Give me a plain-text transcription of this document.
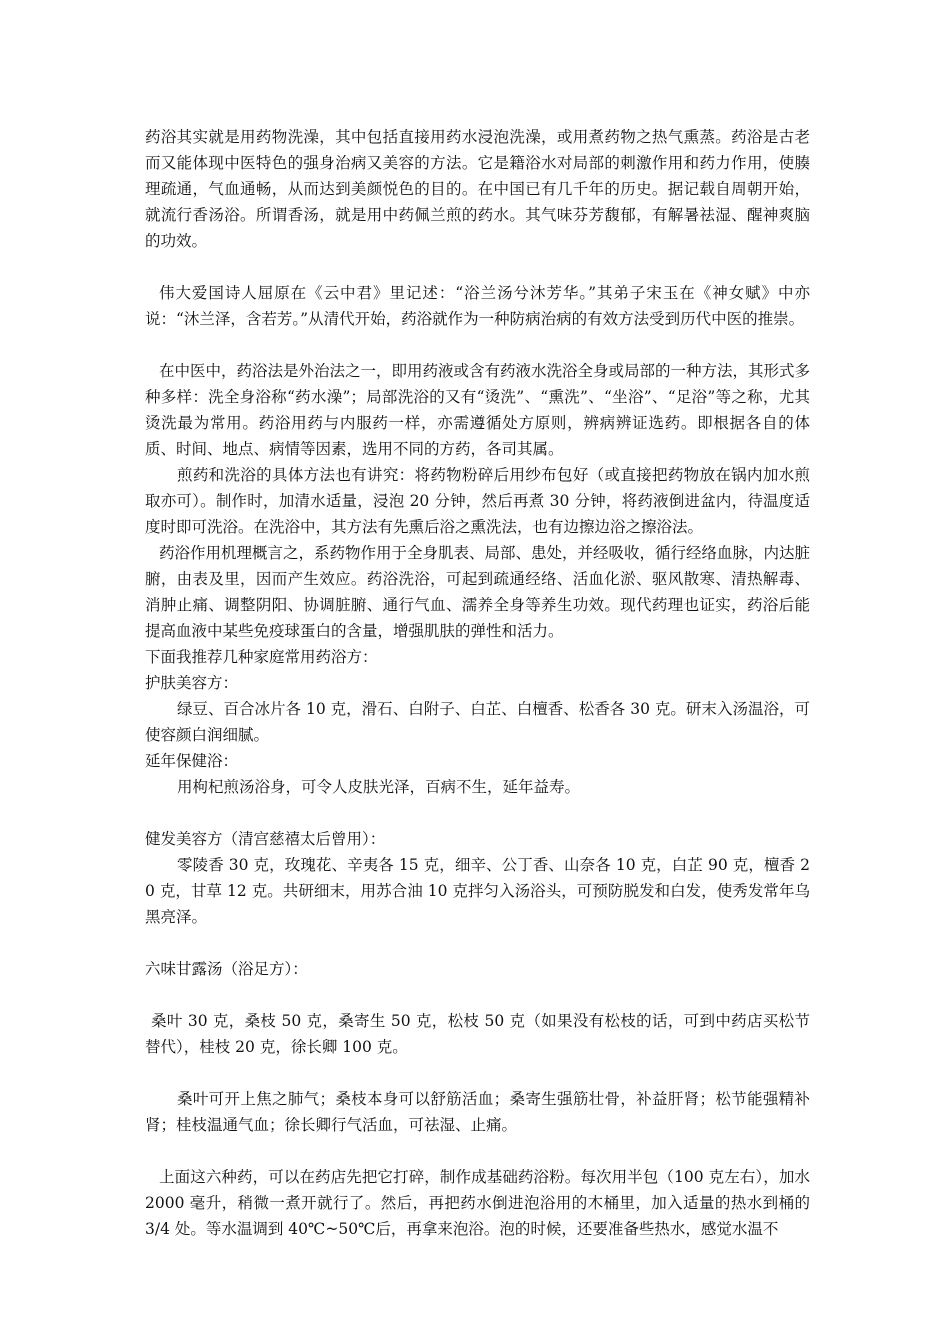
药浴其实就是用药物洗澡，其中包括直接用药水浸泡洗澡，或用煮药物之热气熏蒸。药浴是古老而又能体现中医特色的强身治病又美容的方法。它是籍浴水对局部的刺激作用和药力作用，使腠理疏通，气血通畅，从而达到美颜悦色的目的。在中国已有几千年的历史。据记载自周朝开始，就流行香汤浴。所谓香汤，就是用中药佩兰煎的药水。其气味芬芳馥郁，有解暑祛湿、醒神爽脑的功效。

伟大爱国诗人屈原在《云中君》里记述：“浴兰汤兮沐芳华。”其弟子宋玉在《神女赋》中亦说：“沐兰泽，含若芳。”从清代开始，药浴就作为一种防病治病的有效方法受到历代中医的推崇。

在中医中，药浴法是外治法之一，即用药液或含有药液水洗浴全身或局部的一种方法，其形式多种多样：洗全身浴称“药水澡”；局部洗浴的又有“烫洗”、“熏洗”、“坐浴”、“足浴”等之称，尤其烫洗最为常用。药浴用药与内服药一样，亦需遵循处方原则，辨病辨证选药。即根据各自的体质、时间、地点、病情等因素，选用不同的方药，各司其属。

煎药和洗浴的具体方法也有讲究：将药物粉碎后用纱布包好（或直接把药物放在锅内加水煎取亦可）。制作时，加清水适量，浸泡 20 分钟，然后再煮 30 分钟，将药液倒进盆内，待温度适度时即可洗浴。在洗浴中，其方法有先熏后浴之熏洗法，也有边擦边浴之擦浴法。

药浴作用机理概言之，系药物作用于全身肌表、局部、患处，并经吸收，循行经络血脉，内达脏腑，由表及里，因而产生效应。药浴洗浴，可起到疏通经络、活血化淤、驱风散寒、清热解毒、消肿止痛、调整阴阳、协调脏腑、通行气血、濡养全身等养生功效。现代药理也证实，药浴后能提高血液中某些免疫球蛋白的含量，增强肌肤的弹性和活力。

下面我推荐几种家庭常用药浴方：

护肤美容方：

绿豆、百合冰片各 10 克，滑石、白附子、白芷、白檀香、松香各 30 克。研末入汤温浴，可使容颜白润细腻。

延年保健浴：

用枸杞煎汤浴身，可令人皮肤光泽，百病不生，延年益寿。

健发美容方（清宫慈禧太后曾用）：

零陵香 30 克，玫瑰花、辛夷各 15 克，细辛、公丁香、山奈各 10 克，白芷 90 克，檀香 20 克，甘草 12 克。共研细末，用苏合油 10 克拌匀入汤浴头，可预防脱发和白发，使秀发常年乌黑亮泽。

六味甘露汤（浴足方）：

桑叶 30 克，桑枝 50 克，桑寄生 50 克，松枝 50 克（如果没有松枝的话，可到中药店买松节替代），桂枝 20 克，徐长卿 100 克。

桑叶可开上焦之肺气；桑枝本身可以舒筋活血；桑寄生强筋壮骨，补益肝肾；松节能强精补肾；桂枝温通气血；徐长卿行气活血，可祛湿、止痛。

上面这六种药，可以在药店先把它打碎，制作成基础药浴粉。每次用半包（100 克左右），加水 2000 毫升，稍微一煮开就行了。然后，再把药水倒进泡浴用的木桶里，加入适量的热水到桶的 3/4 处。等水温调到 40℃~50℃后，再拿来泡浴。泡的时候，还要准备些热水，感觉水温不
